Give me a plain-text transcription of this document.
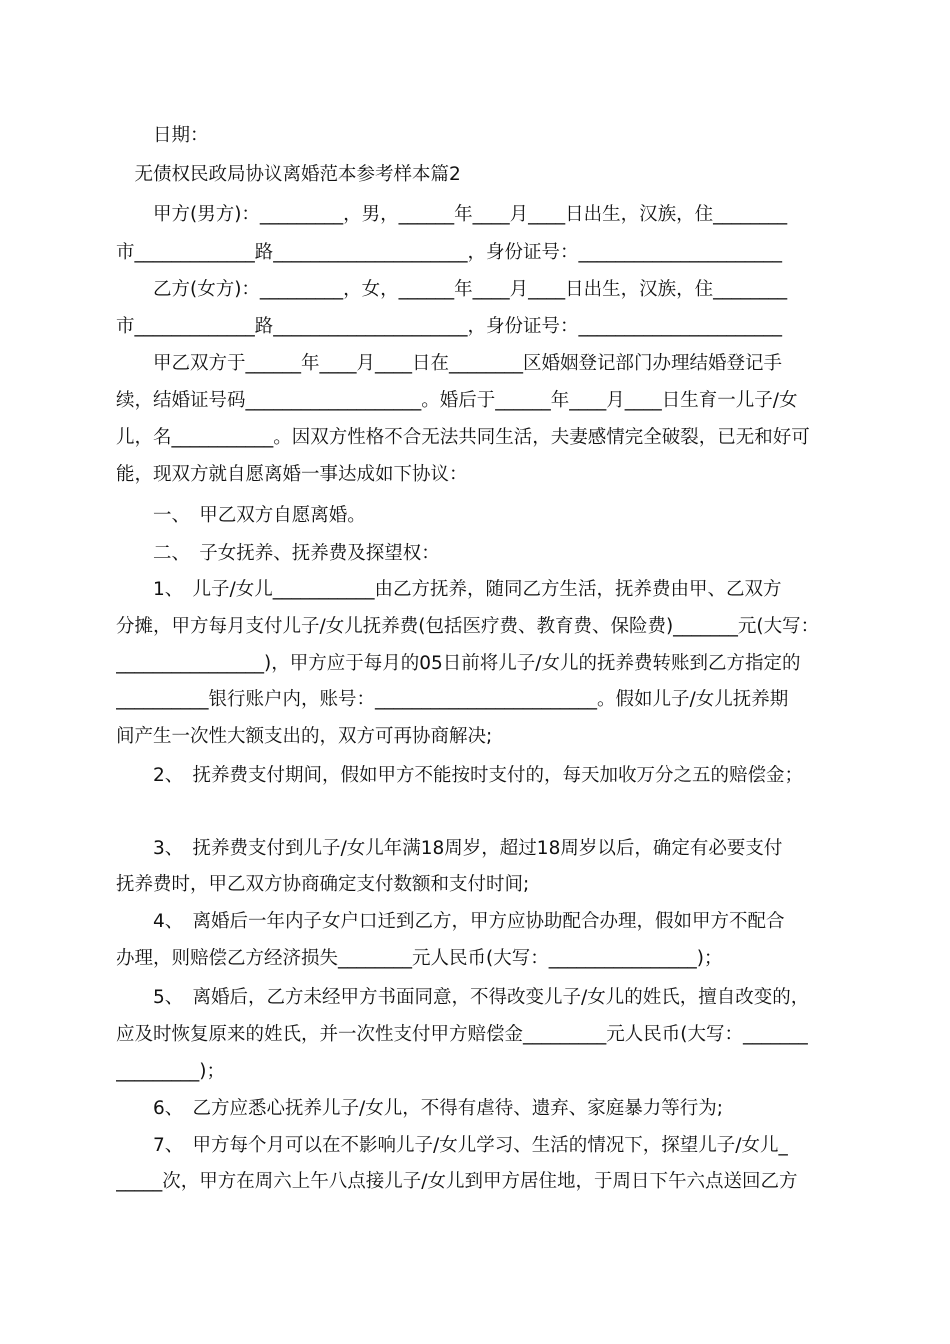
　　日期：
　无债权民政局协议离婚范本参考样本篇2
　　甲方(男方)：_________，男，______年____月____日出生，汉族，住________
市_____________路_____________________，身份证号：______________________
　　乙方(女方)：_________，女，______年____月____日出生，汉族，住________
市_____________路_____________________，身份证号：______________________
　　甲乙双方于______年____月____日在________区婚姻登记部门办理结婚登记手
续，结婚证号码___________________。婚后于______年____月____日生育一儿子/女
儿，名___________。因双方性格不合无法共同生活，夫妻感情完全破裂，已无和好可
能，现双方就自愿离婚一事达成如下协议：
　　一、　甲乙双方自愿离婚。
　　二、　子女抚养、抚养费及探望权：
　　1、　儿子/女儿___________由乙方抚养，随同乙方生活，抚养费由甲、乙双方
分摊，甲方每月支付儿子/女儿抚养费(包括医疗费、教育费、保险费)_______元(大写：
________________)，甲方应于每月的05日前将儿子/女儿的抚养费转账到乙方指定的
__________银行账户内，账号：________________________。假如儿子/女儿抚养期
间产生一次性大额支出的，双方可再协商解决;
　　2、　抚养费支付期间，假如甲方不能按时支付的，每天加收万分之五的赔偿金；
　　3、　抚养费支付到儿子/女儿年满18周岁，超过18周岁以后，确定有必要支付
抚养费时，甲乙双方协商确定支付数额和支付时间;
　　4、　离婚后一年内子女户口迁到乙方，甲方应协助配合办理，假如甲方不配合
办理，则赔偿乙方经济损失________元人民币(大写：________________)；
　　5、　离婚后，乙方未经甲方书面同意，不得改变儿子/女儿的姓氏，擅自改变的，
应及时恢复原来的姓氏，并一次性支付甲方赔偿金_________元人民币(大写：_______
_________)；
　　6、　乙方应悉心抚养儿子/女儿，不得有虐待、遗弃、家庭暴力等行为;
　　7、　甲方每个月可以在不影响儿子/女儿学习、生活的情况下，探望儿子/女儿_
_____次，甲方在周六上午八点接儿子/女儿到甲方居住地，于周日下午六点送回乙方
